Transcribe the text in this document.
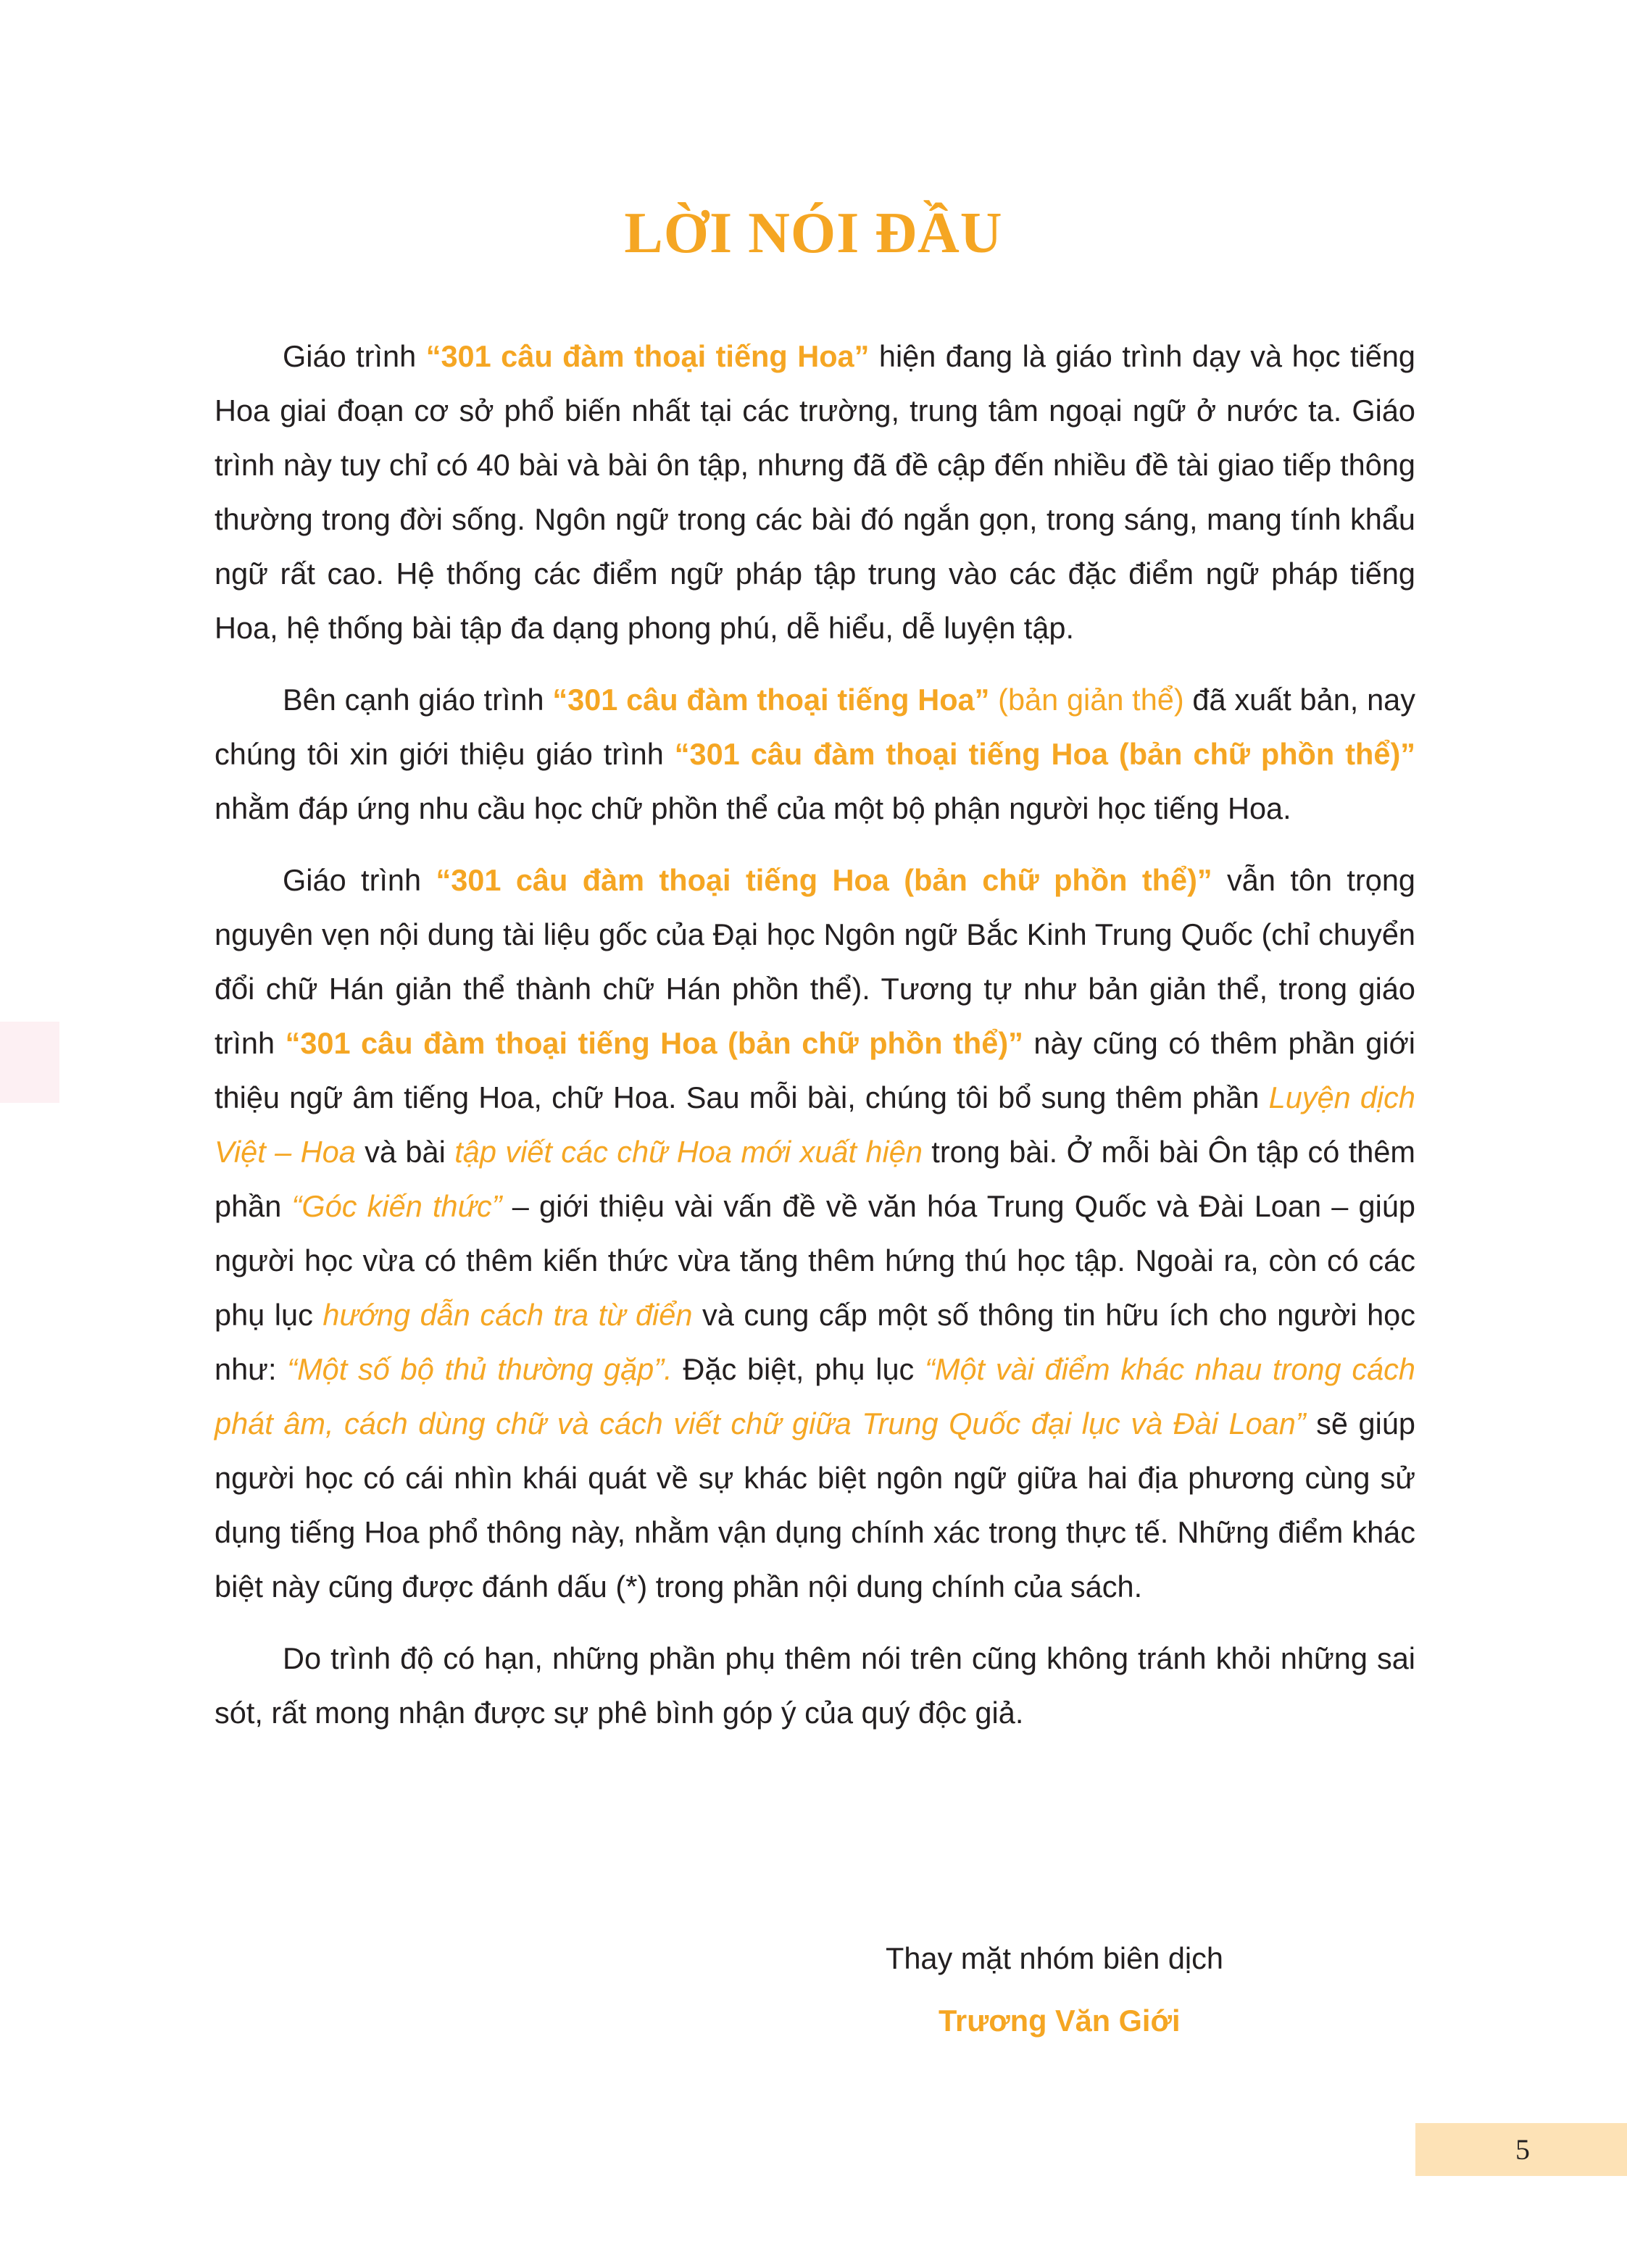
LỜI NÓI ĐẦU

Giáo trình “301 câu đàm thoại tiếng Hoa” hiện đang là giáo trình dạy và học tiếng Hoa giai đoạn cơ sở phổ biến nhất tại các trường, trung tâm ngoại ngữ ở nước ta. Giáo trình này tuy chỉ có 40 bài và bài ôn tập, nhưng đã đề cập đến nhiều đề tài giao tiếp thông thường trong đời sống. Ngôn ngữ trong các bài đó ngắn gọn, trong sáng, mang tính khẩu ngữ rất cao. Hệ thống các điểm ngữ pháp tập trung vào các đặc điểm ngữ pháp tiếng Hoa, hệ thống bài tập đa dạng phong phú, dễ hiểu, dễ luyện tập.

Bên cạnh giáo trình “301 câu đàm thoại tiếng Hoa” (bản giản thể) đã xuất bản, nay chúng tôi xin giới thiệu giáo trình “301 câu đàm thoại tiếng Hoa (bản chữ phồn thể)” nhằm đáp ứng nhu cầu học chữ phồn thể của một bộ phận người học tiếng Hoa.

Giáo trình “301 câu đàm thoại tiếng Hoa (bản chữ phồn thể)” vẫn tôn trọng nguyên vẹn nội dung tài liệu gốc của Đại học Ngôn ngữ Bắc Kinh Trung Quốc (chỉ chuyển đổi chữ Hán giản thể thành chữ Hán phồn thể). Tương tự như bản giản thể, trong giáo trình “301 câu đàm thoại tiếng Hoa (bản chữ phồn thể)” này cũng có thêm phần giới thiệu ngữ âm tiếng Hoa, chữ Hoa. Sau mỗi bài, chúng tôi bổ sung thêm phần Luyện dịch Việt – Hoa và bài tập viết các chữ Hoa mới xuất hiện trong bài. Ở mỗi bài Ôn tập có thêm phần “Góc kiến thức” – giới thiệu vài vấn đề về văn hóa Trung Quốc và Đài Loan – giúp người học vừa có thêm kiến thức vừa tăng thêm hứng thú học tập. Ngoài ra, còn có các phụ lục hướng dẫn cách tra từ điển và cung cấp một số thông tin hữu ích cho người học như: “Một số bộ thủ thường gặp”. Đặc biệt, phụ lục “Một vài điểm khác nhau trong cách phát âm, cách dùng chữ và cách viết chữ giữa Trung Quốc đại lục và Đài Loan” sẽ giúp người học có cái nhìn khái quát về sự khác biệt ngôn ngữ giữa hai địa phương cùng sử dụng tiếng Hoa phổ thông này, nhằm vận dụng chính xác trong thực tế. Những điểm khác biệt này cũng được đánh dấu (*) trong phần nội dung chính của sách.

Do trình độ có hạn, những phần phụ thêm nói trên cũng không tránh khỏi những sai sót, rất mong nhận được sự phê bình góp ý của quý độc giả.

Thay mặt nhóm biên dịch

Trương Văn Giới

5
